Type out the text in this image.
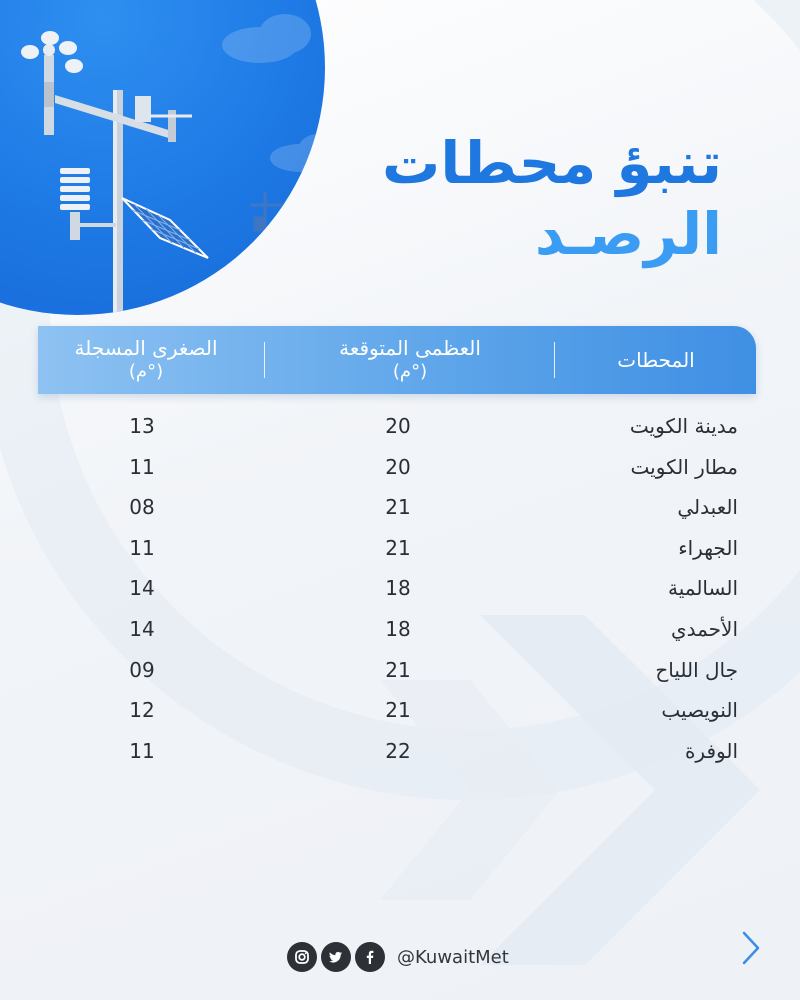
تنبؤ محطات
الرصـد
الصغرى المسجلة
(°م)
العظمى المتوقعة
(°م)	المحطات
مدينة الكويت
20
13
مطار الكويت
20
11
العبدلي
21
08
الجهراء
21
11
السالمية
18
14
الأحمدي
18
14
جال اللياح
21
09
النويصيب
21
12
الوفرة
22
11
@KuwaitMet
